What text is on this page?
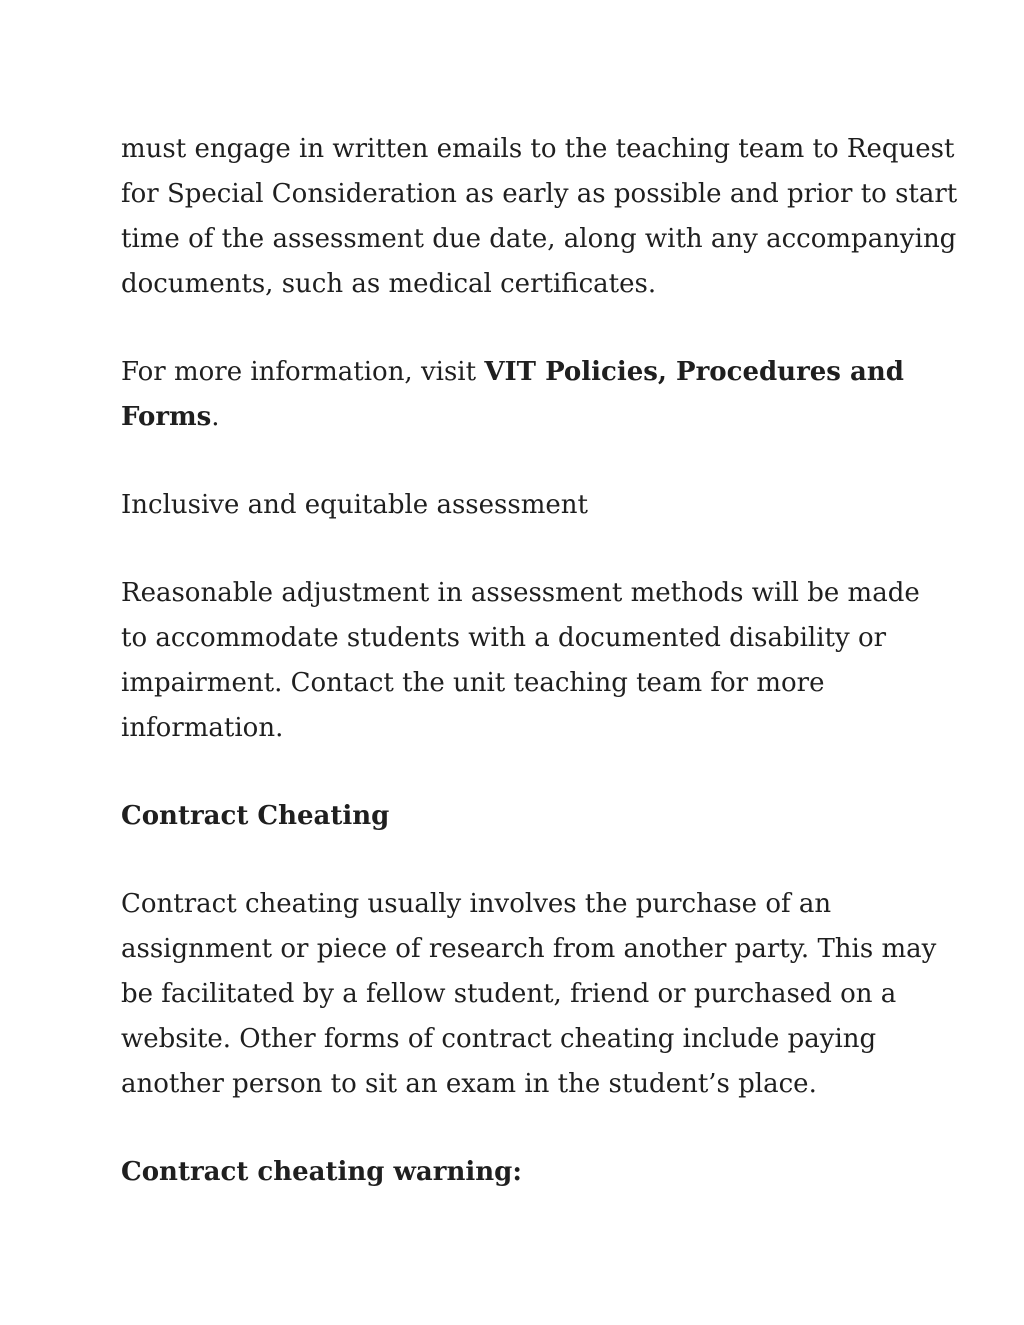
must engage in written emails to the teaching team to Request
for Special Consideration as early as possible and prior to start
time of the assessment due date, along with any accompanying
documents, such as medical certificates.

For more information, visit VIT Policies, Procedures and
Forms.

Inclusive and equitable assessment

Reasonable adjustment in assessment methods will be made
to accommodate students with a documented disability or
impairment. Contact the unit teaching team for more
information.

Contract Cheating

Contract cheating usually involves the purchase of an
assignment or piece of research from another party. This may
be facilitated by a fellow student, friend or purchased on a
website. Other forms of contract cheating include paying
another person to sit an exam in the student’s place.

Contract cheating warning:
